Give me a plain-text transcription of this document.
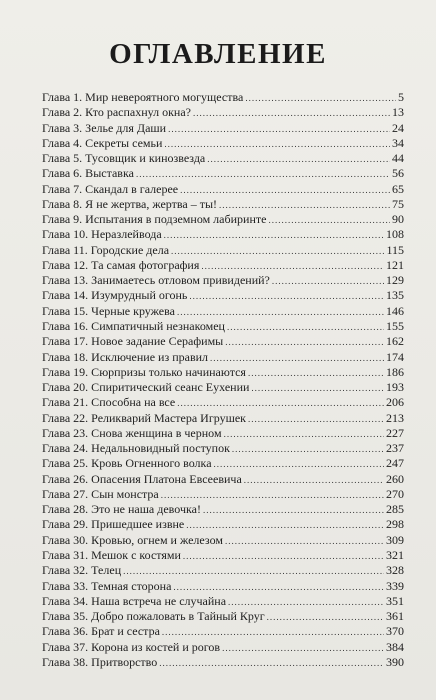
ОГЛАВЛЕНИЕ
Глава 1. Мир невероятного могущества .....	5
Глава 2. Кто распахнул окна? .....	13
Глава 3. Зелье для Даши .....	24
Глава 4. Секреты семьи .....	34
Глава 5. Тусовщик и кинозвезда .....	44
Глава 6. Выставка .....	56
Глава 7. Скандал в галерее .....	65
Глава 8. Я не жертва, жертва – ты! .....	75
Глава 9. Испытания в подземном лабиринте .....	90
Глава 10. Неразлейвода .....	108
Глава 11. Городские дела .....	115
Глава 12. Та самая фотография .....	121
Глава 13. Занимаетесь отловом привидений? .....	129
Глава 14. Изумрудный огонь .....	135
Глава 15. Черные кружева .....	146
Глава 16. Симпатичный незнакомец .....	155
Глава 17. Новое задание Серафимы .....	162
Глава 18. Исключение из правил .....	174
Глава 19. Сюрпризы только начинаются .....	186
Глава 20. Спиритический сеанс Еухении .....	193
Глава 21. Способна на все .....	206
Глава 22. Реликварий Мастера Игрушек .....	213
Глава 23. Снова женщина в черном .....	227
Глава 24. Недальновидный поступок .....	237
Глава 25. Кровь Огненного волка .....	247
Глава 26. Опасения Платона Евсеевича .....	260
Глава 27. Сын монстра .....	270
Глава 28. Это не наша девочка! .....	285
Глава 29. Пришедшее извне .....	298
Глава 30. Кровью, огнем и железом .....	309
Глава 31. Мешок с костями .....	321
Глава 32. Телец .....	328
Глава 33. Темная сторона .....	339
Глава 34. Наша встреча не случайна .....	351
Глава 35. Добро пожаловать в Тайный Круг .....	361
Глава 36. Брат и сестра .....	370
Глава 37. Корона из костей и рогов .....	384
Глава 38. Притворство .....	390
